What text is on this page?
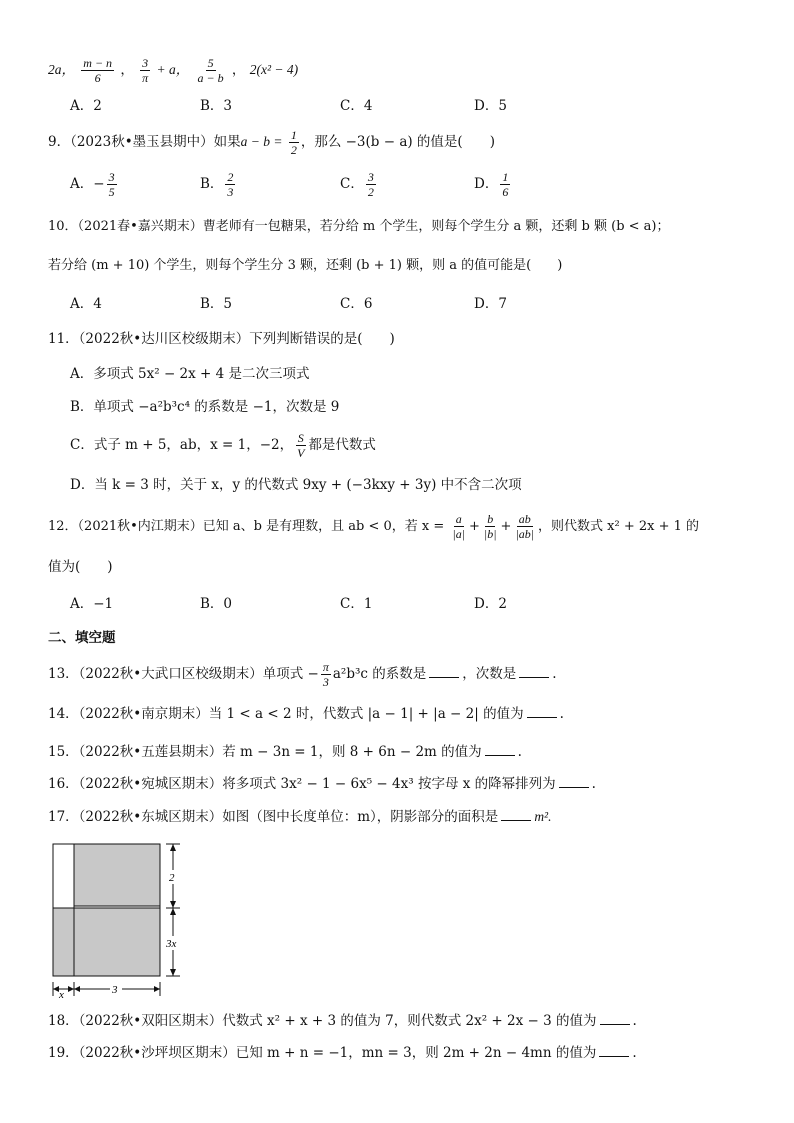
2a， $\frac{m - n}{6}$ ， $\frac{3}{\pi} + a$， $\frac{5}{a - b}$ ， 2(x² − 4)
A．2	B．3	C．4	D．5
9．（2023秋•墨玉县期中）如果$a - b = \frac{1}{2}$ ，那么 −3(b − a) 的值是(　　)
A．− $\frac{3}{5}$	B． $\frac{2}{3}$	C． $\frac{3}{2}$	D． $\frac{1}{6}$
10．（2021春•嘉兴期末）曹老师有一包糖果，若分给 m 个学生，则每个学生分 a 颗，还剩 b 颗 (b < a)；
若分给 (m + 10) 个学生，则每个学生分 3 颗，还剩 (b + 1) 颗，则 a 的值可能是(　　)
A．4	B．5	C．6	D．7
11．（2022秋•达川区校级期末）下列判断错误的是(　　)
A．多项式 5x² − 2x + 4 是二次三项式
B．单项式 −a²b³c⁴ 的系数是 −1，次数是 9
C．式子 m + 5，ab，x = 1，−2， $\frac{S}{V}$ 都是代数式
D．当 k = 3 时，关于 x，y 的代数式 9xy + (−3kxy + 3y) 中不含二次项
12．（2021秋•内江期末）已知 a、b 是有理数，且 ab < 0，若 $x = \frac{a}{|a|} + \frac{b}{|b|} + \frac{ab}{|ab|}$ ，则代数式 x² + 2x + 1 的
值为(　　)
A．−1	B．0	C．1	D．2
二、填空题
13．（2022秋•大武口区校级期末）单项式 − $\frac{\pi}{3} a^2b^3c$ 的系数是	，次数是	.
14．（2022秋•南京期末）当 1 < a < 2 时，代数式 |a − 1| + |a − 2| 的值为	.
15．（2022秋•五莲县期末）若 m − 3n = 1，则 8 + 6n − 2m 的值为	.
16．（2022秋•宛城区期末）将多项式 3x² − 1 − 6x⁵ − 4x³ 按字母 x 的降幂排列为	.
17．（2022秋•东城区期末）如图（图中长度单位：m），阴影部分的面积是	m².
2
3x
3
x
18．（2022秋•双阳区期末）代数式 x² + x + 3 的值为 7，则代数式 2x² + 2x − 3 的值为	.
19．（2022秋•沙坪坝区期末）已知 m + n = −1，mn = 3，则 2m + 2n − 4mn 的值为	.
